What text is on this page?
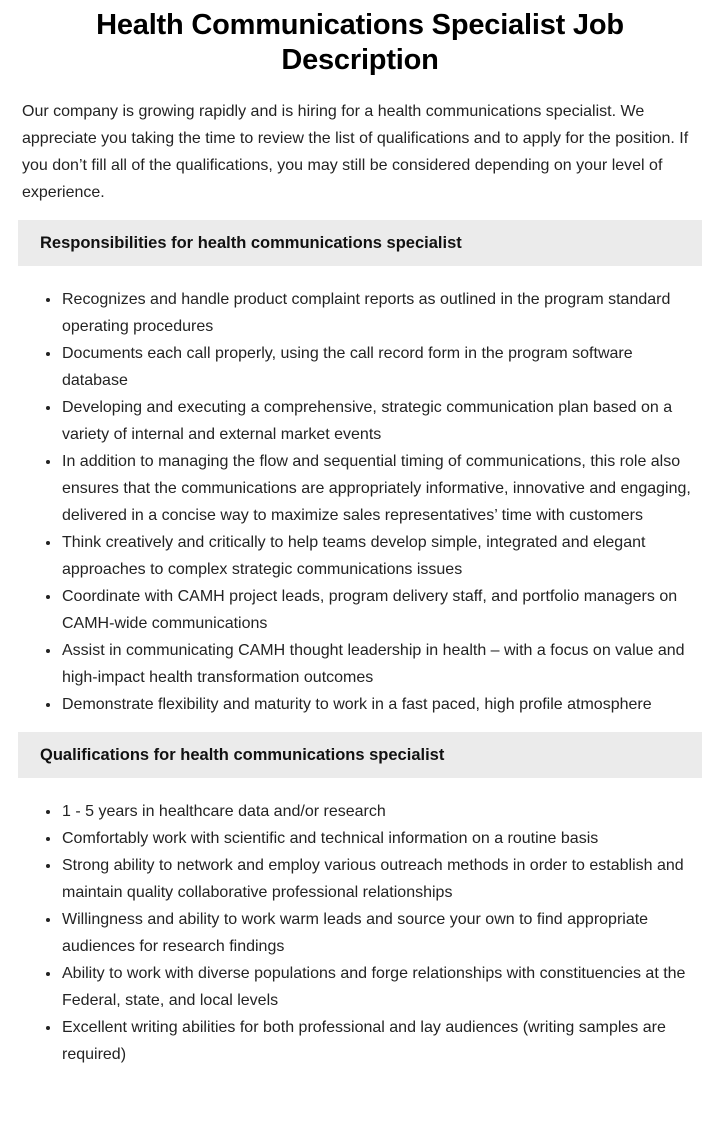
Health Communications Specialist Job Description

Our company is growing rapidly and is hiring for a health communications specialist. We appreciate you taking the time to review the list of qualifications and to apply for the position. If you don’t fill all of the qualifications, you may still be considered depending on your level of experience.

Responsibilities for health communications specialist
• Recognizes and handle product complaint reports as outlined in the program standard operating procedures
• Documents each call properly, using the call record form in the program software database
• Developing and executing a comprehensive, strategic communication plan based on a variety of internal and external market events
• In addition to managing the flow and sequential timing of communications, this role also ensures that the communications are appropriately informative, innovative and engaging, delivered in a concise way to maximize sales representatives’ time with customers
• Think creatively and critically to help teams develop simple, integrated and elegant approaches to complex strategic communications issues
• Coordinate with CAMH project leads, program delivery staff, and portfolio managers on CAMH-wide communications
• Assist in communicating CAMH thought leadership in health – with a focus on value and high-impact health transformation outcomes
• Demonstrate flexibility and maturity to work in a fast paced, high profile atmosphere
Qualifications for health communications specialist
• 1 - 5 years in healthcare data and/or research
• Comfortably work with scientific and technical information on a routine basis
• Strong ability to network and employ various outreach methods in order to establish and maintain quality collaborative professional relationships
• Willingness and ability to work warm leads and source your own to find appropriate audiences for research findings
• Ability to work with diverse populations and forge relationships with constituencies at the Federal, state, and local levels
• Excellent writing abilities for both professional and lay audiences (writing samples are required)
